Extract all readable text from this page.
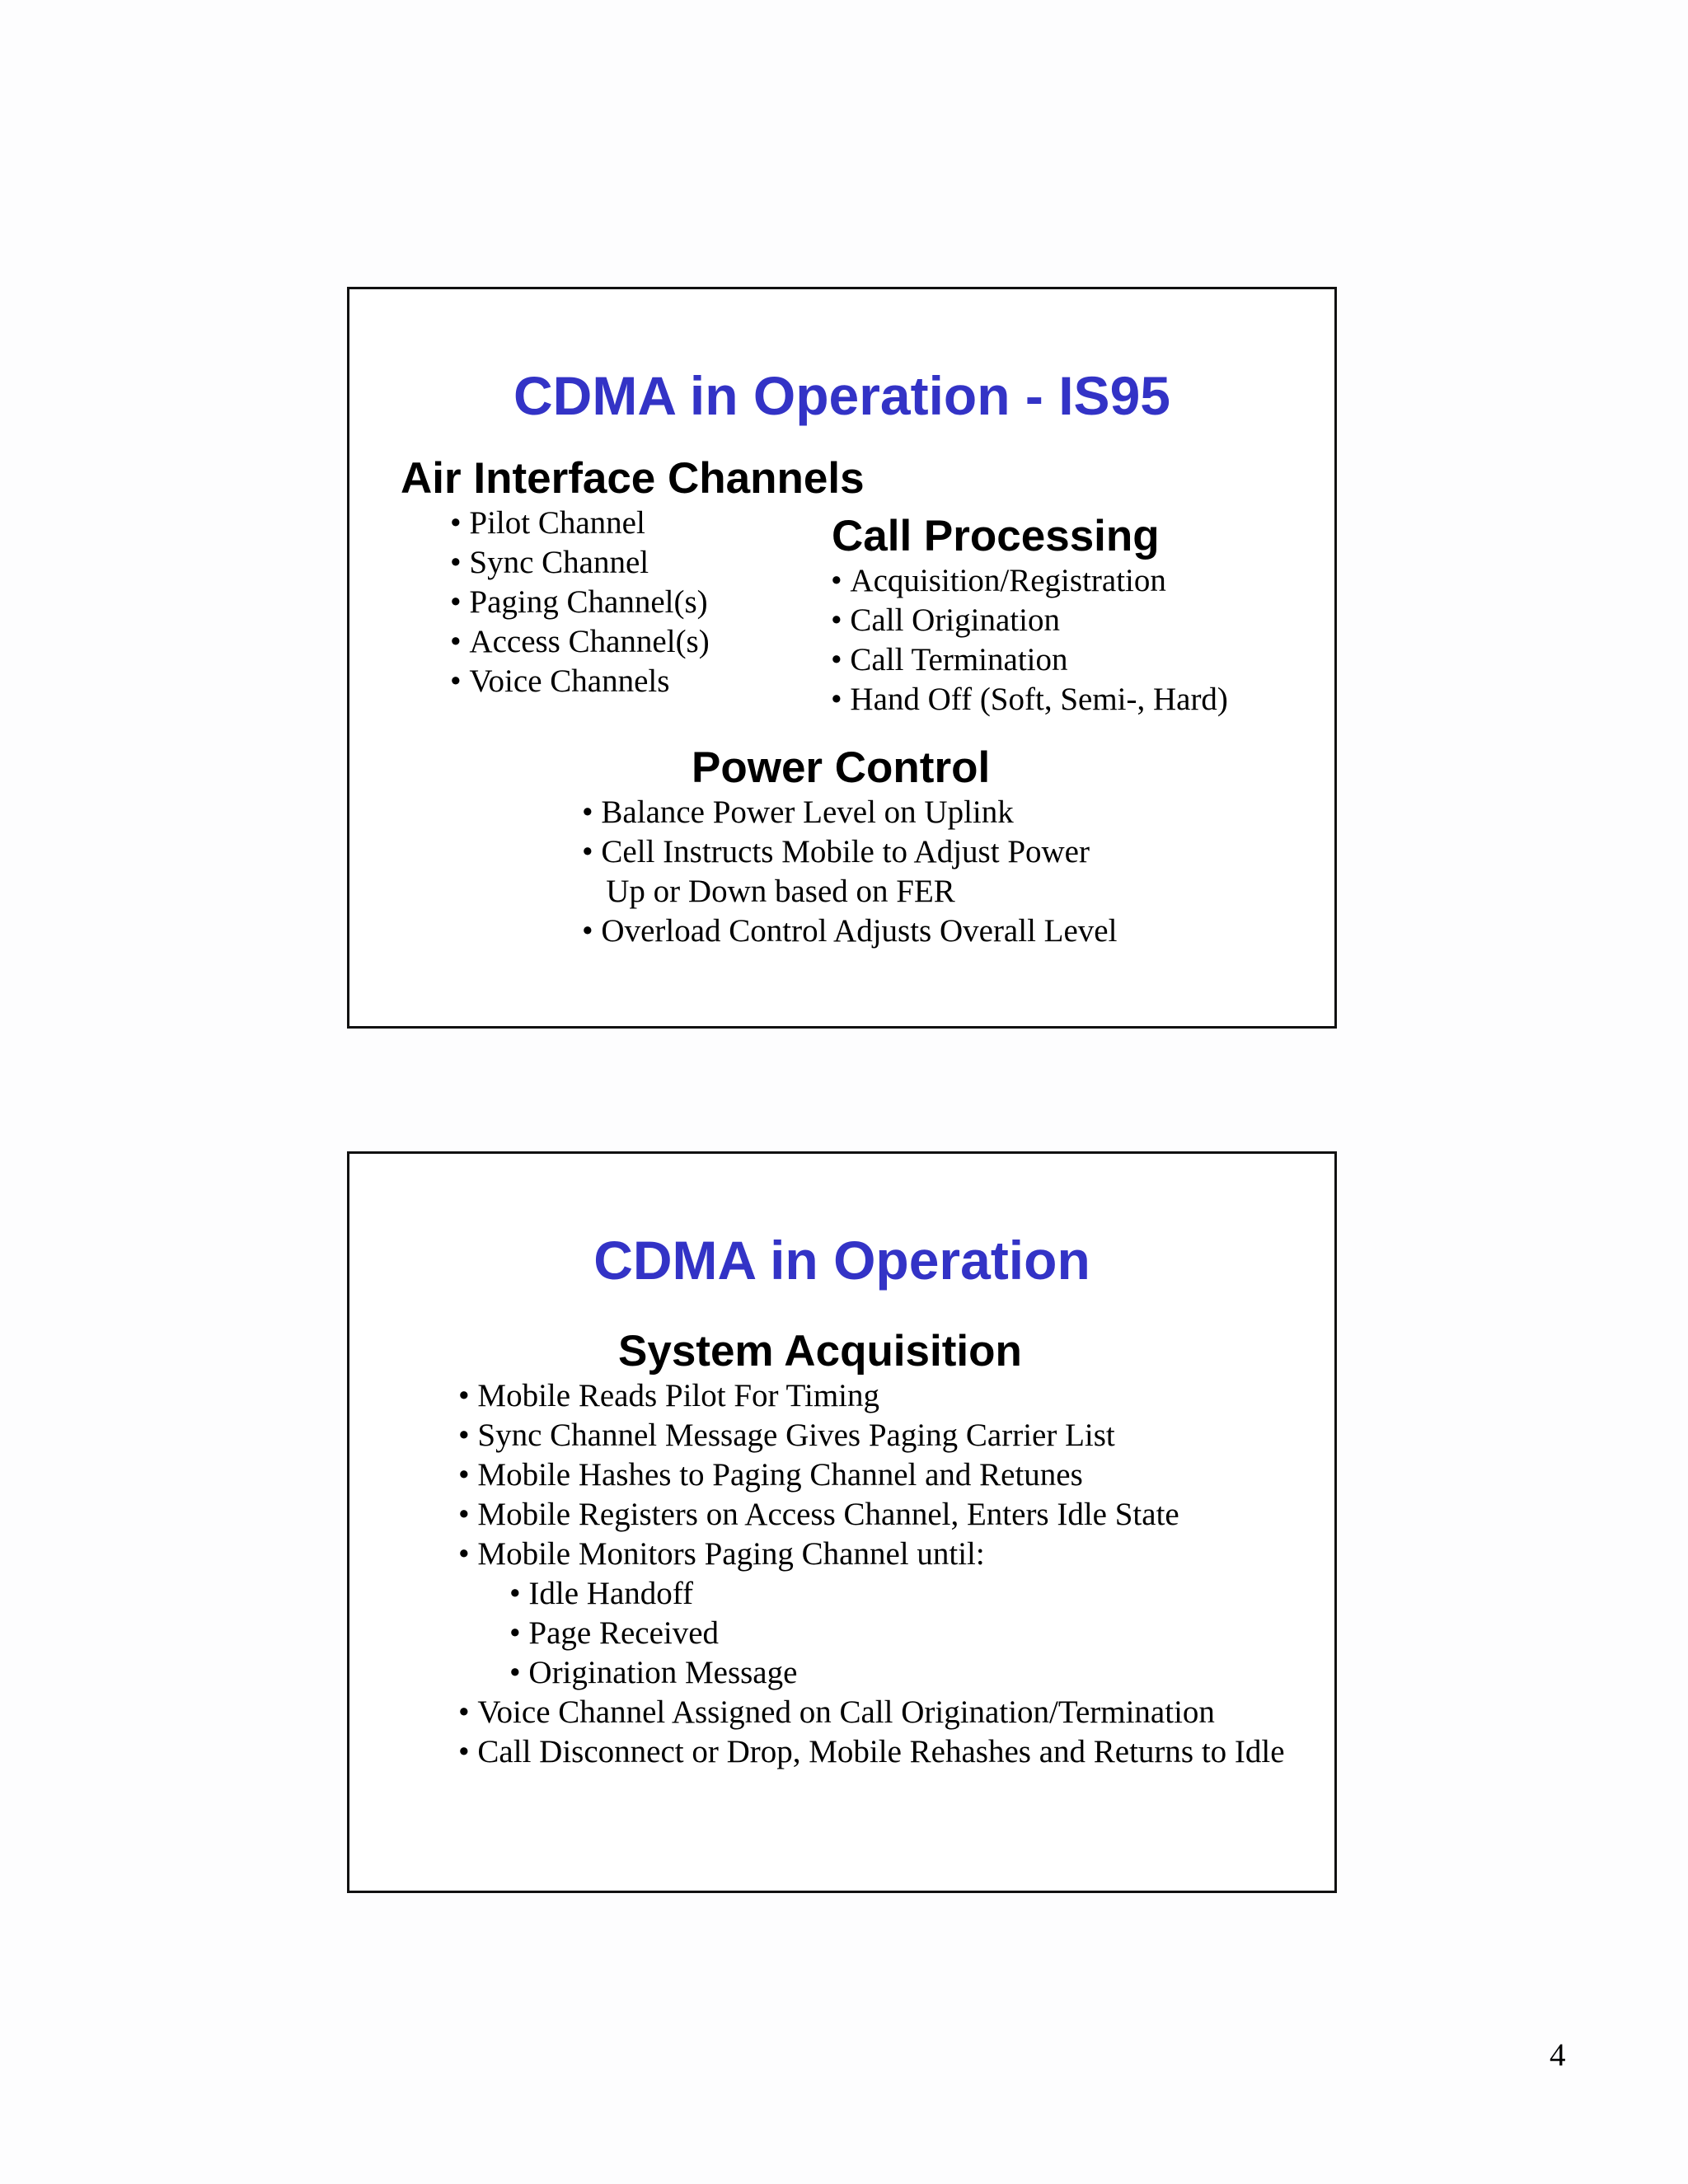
CDMA in Operation - IS95
Air Interface Channels
• Pilot Channel
• Sync Channel
• Paging Channel(s)
• Access Channel(s)
• Voice Channels
Call Processing
• Acquisition/Registration
• Call Origination
• Call Termination
• Hand Off (Soft, Semi-, Hard)
Power Control
• Balance Power Level on Uplink
• Cell Instructs Mobile to Adjust Power
Up or Down based on FER
• Overload Control Adjusts Overall Level
CDMA in Operation
System Acquisition
• Mobile Reads Pilot For Timing
• Sync Channel Message Gives Paging Carrier List
• Mobile Hashes to Paging Channel and Retunes
• Mobile Registers on Access Channel, Enters Idle State
• Mobile Monitors Paging Channel until:
• Idle Handoff
• Page Received
• Origination Message
• Voice Channel Assigned on Call Origination/Termination
• Call Disconnect or Drop, Mobile Rehashes and Returns to Idle
4
